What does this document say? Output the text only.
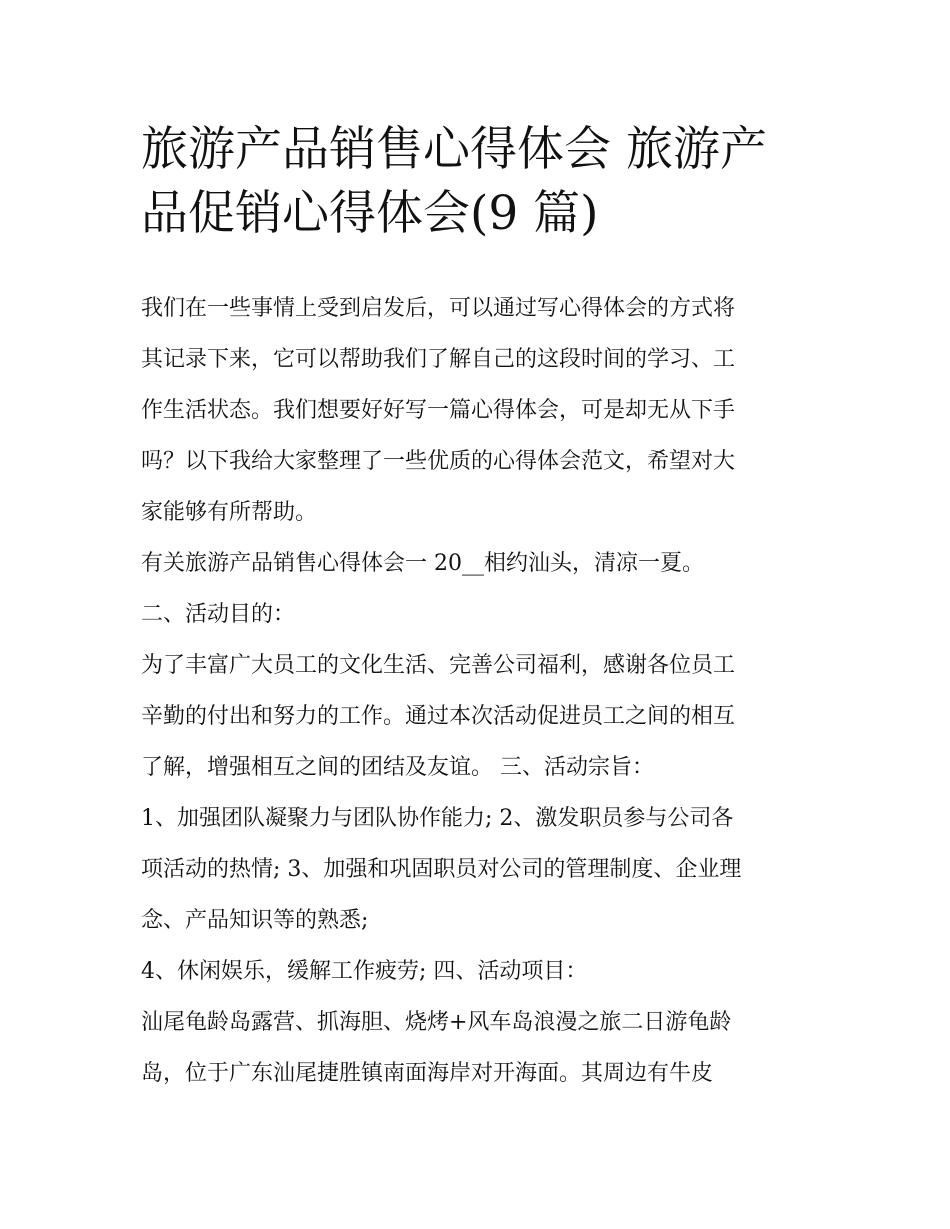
旅游产品销售心得体会 旅游产
品促销心得体会(9 篇)

我们在一些事情上受到启发后，可以通过写心得体会的方式将
其记录下来，它可以帮助我们了解自己的这段时间的学习、工
作生活状态。我们想要好好写一篇心得体会，可是却无从下手
吗？以下我给大家整理了一些优质的心得体会范文，希望对大
家能够有所帮助。

有关旅游产品销售心得体会一 20__相约汕头，清凉一夏。

二、活动目的：

为了丰富广大员工的文化生活、完善公司福利，感谢各位员工
辛勤的付出和努力的工作。通过本次活动促进员工之间的相互
了解，增强相互之间的团结及友谊。 三、活动宗旨：

1、加强团队凝聚力与团队协作能力; 2、激发职员参与公司各
项活动的热情; 3、加强和巩固职员对公司的管理制度、企业理
念、产品知识等的熟悉;

4、休闲娱乐，缓解工作疲劳; 四、活动项目：

汕尾龟龄岛露营、抓海胆、烧烤+风车岛浪漫之旅二日游龟龄
岛，位于广东汕尾捷胜镇南面海岸对开海面。其周边有牛皮
